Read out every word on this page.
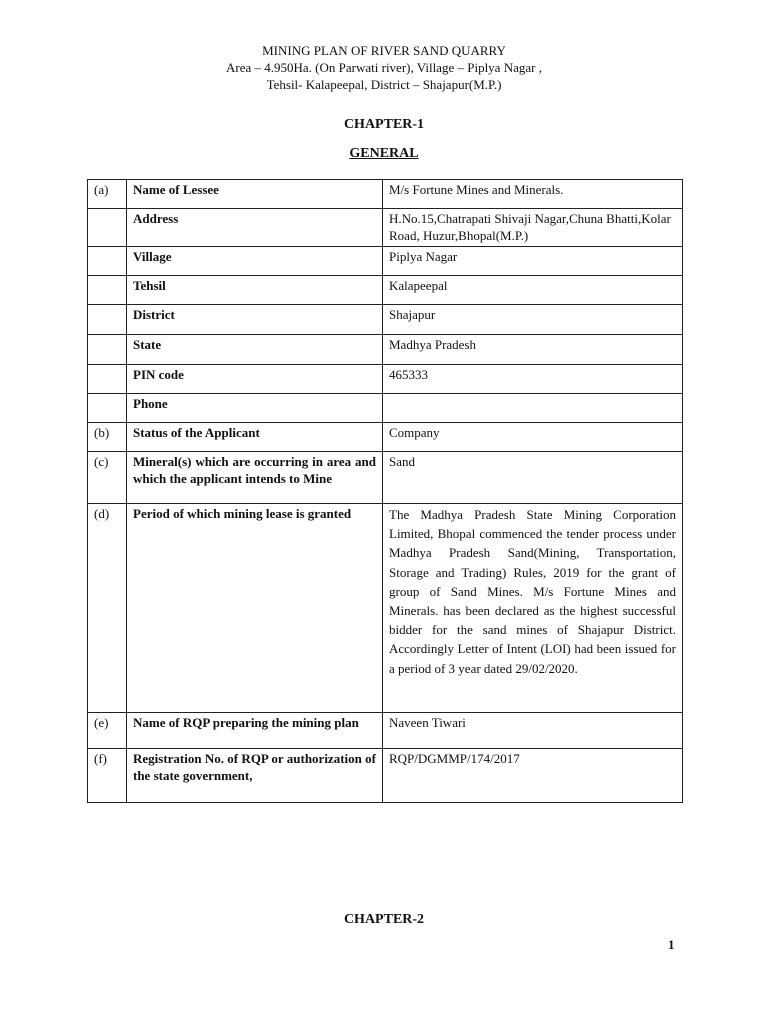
MINING PLAN OF RIVER SAND QUARRY
Area – 4.950Ha. (On Parwati river), Village – Piplya Nagar ,
Tehsil- Kalapeepal, District – Shajapur(M.P.)
CHAPTER-1
GENERAL
(a)	Name of Lessee	M/s Fortune Mines and Minerals.
	Address	H.No.15,Chatrapati Shivaji Nagar,Chuna Bhatti,Kolar Road, Huzur,Bhopal(M.P.)
	Village	Piplya Nagar
	Tehsil	Kalapeepal
	District	Shajapur
	State	Madhya Pradesh
	PIN code	465333
	Phone	
(b)	Status of the Applicant	Company
(c)	Mineral(s) which are occurring in area and which the applicant intends to Mine	Sand
(d)	Period of which mining lease is granted	The Madhya Pradesh State Mining Corporation Limited, Bhopal commenced the tender process under Madhya Pradesh Sand(Mining, Transportation, Storage and Trading) Rules, 2019 for the grant of group of Sand Mines. M/s Fortune Mines and Minerals. has been declared as the highest successful bidder for the sand mines of Shajapur District. Accordingly Letter of Intent (LOI) had been issued for a period of 3 year dated 29/02/2020.
(e)	Name of RQP preparing the mining plan	Naveen Tiwari
(f)	Registration No. of RQP or authorization of the state government,	RQP/DGMMP/174/2017
CHAPTER-2
1
